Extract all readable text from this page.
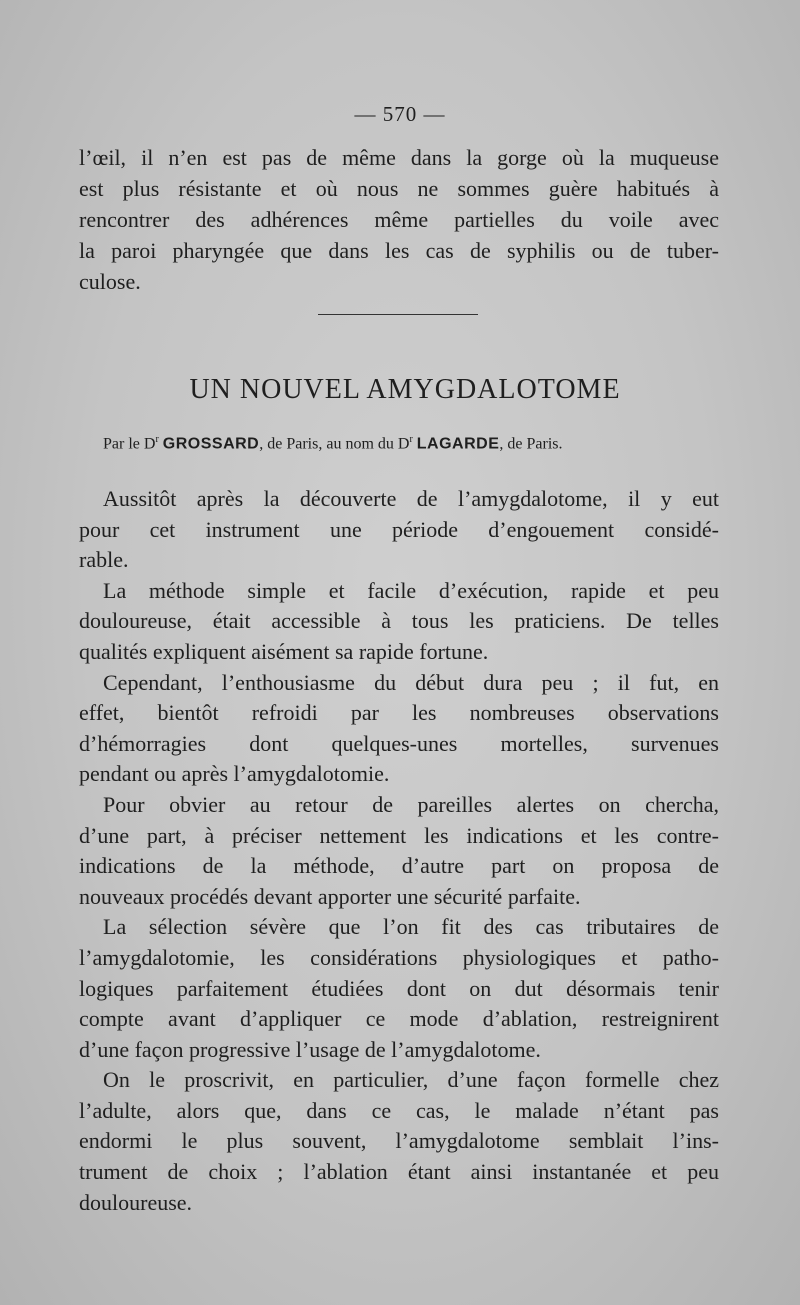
— 570 —
l’œil, il n’en est pas de même dans la gorge où la muqueuse
est plus résistante et où nous ne sommes guère habitués à
rencontrer des adhérences même partielles du voile avec
la paroi pharyngée que dans les cas de syphilis ou de tuber-
culose.
UN NOUVEL AMYGDALOTOME
Par le $D^r$ GROSSARD, de Paris, au nom du $D^r$ LAGARDE, de Paris.
Aussitôt après la découverte de l’amygdalotome, il y eut
pour cet instrument une période d’engouement considé-
rable.
La méthode simple et facile d’exécution, rapide et peu
douloureuse, était accessible à tous les praticiens. De telles
qualités expliquent aisément sa rapide fortune.
Cependant, l’enthousiasme du début dura peu ; il fut, en
effet, bientôt refroidi par les nombreuses observations
d’hémorragies dont quelques-unes mortelles, survenues
pendant ou après l’amygdalotomie.
Pour obvier au retour de pareilles alertes on chercha,
d’une part, à préciser nettement les indications et les contre-
indications de la méthode, d’autre part on proposa de
nouveaux procédés devant apporter une sécurité parfaite.
La sélection sévère que l’on fit des cas tributaires de
l’amygdalotomie, les considérations physiologiques et patho-
logiques parfaitement étudiées dont on dut désormais tenir
compte avant d’appliquer ce mode d’ablation, restreignirent
d’une façon progressive l’usage de l’amygdalotome.
On le proscrivit, en particulier, d’une façon formelle chez
l’adulte, alors que, dans ce cas, le malade n’étant pas
endormi le plus souvent, l’amygdalotome semblait l’ins-
trument de choix ; l’ablation étant ainsi instantanée et peu
douloureuse.
